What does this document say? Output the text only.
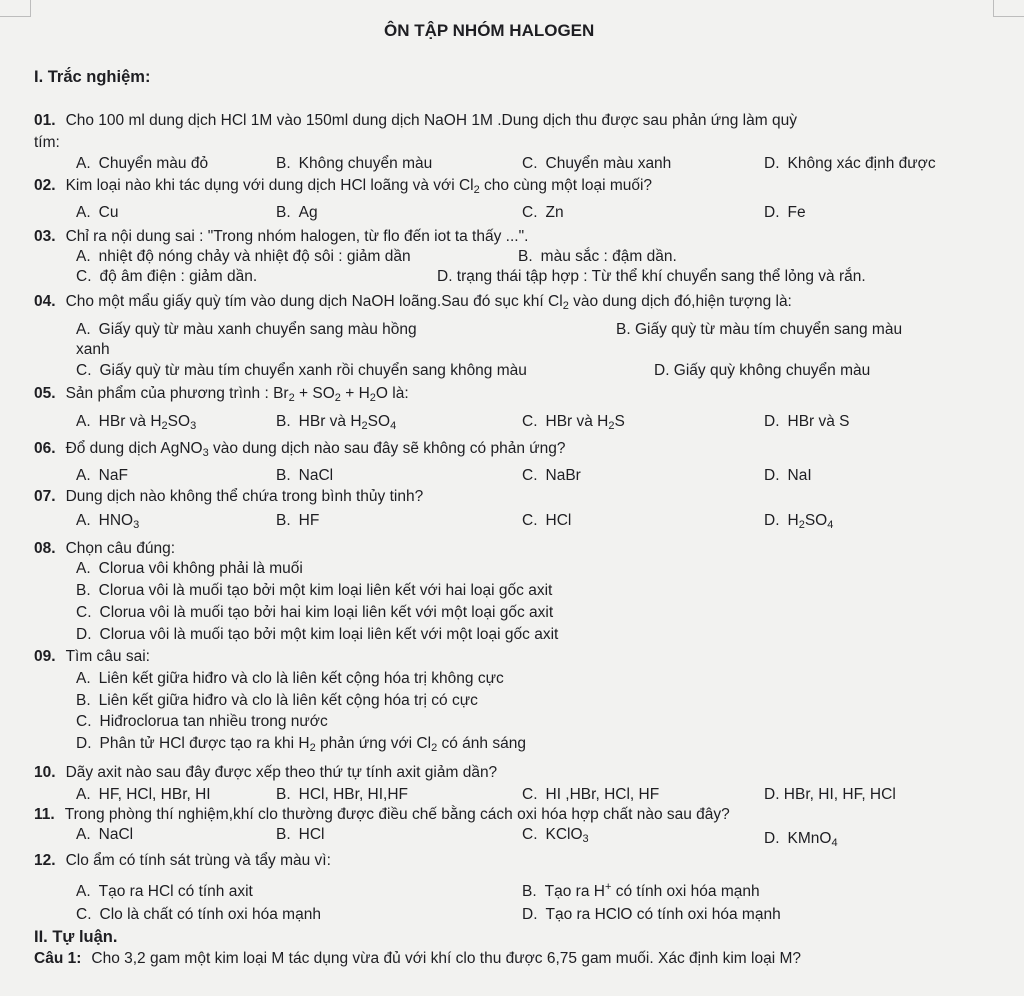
ÔN TẬP NHÓM HALOGEN
I. Trắc nghiệm:
01. Cho 100 ml dung dịch HCl 1M vào 150ml dung dịch NaOH 1M .Dung dịch thu được sau phản ứng làm quỳ
tím:
A. Chuyển màu đỏ	B. Không chuyển màu	C. Chuyển màu xanh	D. Không xác định được
02. Kim loại nào khi tác dụng với dung dịch HCl loãng và với $Cl_2$ cho cùng một loại muối?
A. Cu	B. Ag	C. Zn	D. Fe
03. Chỉ ra nội dung sai : "Trong nhóm halogen, từ flo đến iot ta thấy ...".
A. nhiệt độ nóng chảy và nhiệt độ sôi : giảm dần	B. màu sắc : đậm dần.
C. độ âm điện : giảm dần.	D. trạng thái tập hợp : Từ thể khí chuyển sang thể lỏng và rắn.
04. Cho một mẩu giấy quỳ tím vào dung dịch NaOH loãng.Sau đó sục khí $Cl_2$ vào dung dịch đó,hiện tượng là:
A. Giấy quỳ từ màu xanh chuyển sang màu hồng	B. Giấy quỳ từ màu tím chuyển sang màu
xanh
C. Giấy quỳ từ màu tím chuyển xanh rồi chuyển sang không màu	D. Giấy quỳ không chuyển màu
05. Sản phẩm của phương trình : $Br_2 + SO_2 + H_2O$ là:
A. HBr và $H_2SO_3$	B. HBr và $H_2SO_4$	C. HBr và $H_2S$	D. HBr và S
06. Đổ dung dịch AgNO$_3$ vào dung dịch nào sau đây sẽ không có phản ứng?
A. NaF	B. NaCl	C. NaBr	D. NaI
07. Dung dịch nào không thể chứa trong bình thủy tinh?
A. $HNO_3$	B. HF	C. HCl	D. $H_2SO_4$
08. Chọn câu đúng:
A. Clorua vôi không phải là muối
B. Clorua vôi là muối tạo bởi một kim loại liên kết với hai loại gốc axit
C. Clorua vôi là muối tạo bởi hai kim loại liên kết với một loại gốc axit
D. Clorua vôi là muối tạo bởi một kim loại liên kết với một loại gốc axit
09. Tìm câu sai:
A. Liên kết giữa hiđro và clo là liên kết cộng hóa trị không cực
B. Liên kết giữa hiđro và clo là liên kết cộng hóa trị có cực
C. Hiđroclorua tan nhiều trong nước
D. Phân tử HCl được tạo ra khi $H_2$ phản ứng với $Cl_2$ có ánh sáng
10. Dãy axit nào sau đây được xếp theo thứ tự tính axit giảm dần?
A. HF, HCl, HBr, HI	B. HCl, HBr, HI,HF	C. HI ,HBr, HCl, HF	D. HBr, HI, HF, HCl
11. Trong phòng thí nghiệm,khí clo thường được điều chế bằng cách oxi hóa hợp chất nào sau đây?
A. NaCl	B. HCl	C. KClO$_3$	D. KMnO$_4$
12. Clo ẩm có tính sát trùng và tẩy màu vì:
A. Tạo ra HCl có tính axit	B. Tạo ra H+ có tính oxi hóa mạnh
C. Clo là chất có tính oxi hóa mạnh	D. Tạo ra HClO có tính oxi hóa mạnh
II. Tự luận.
Câu 1: Cho 3,2 gam một kim loại M tác dụng vừa đủ với khí clo thu được 6,75 gam muối. Xác định kim loại M?
